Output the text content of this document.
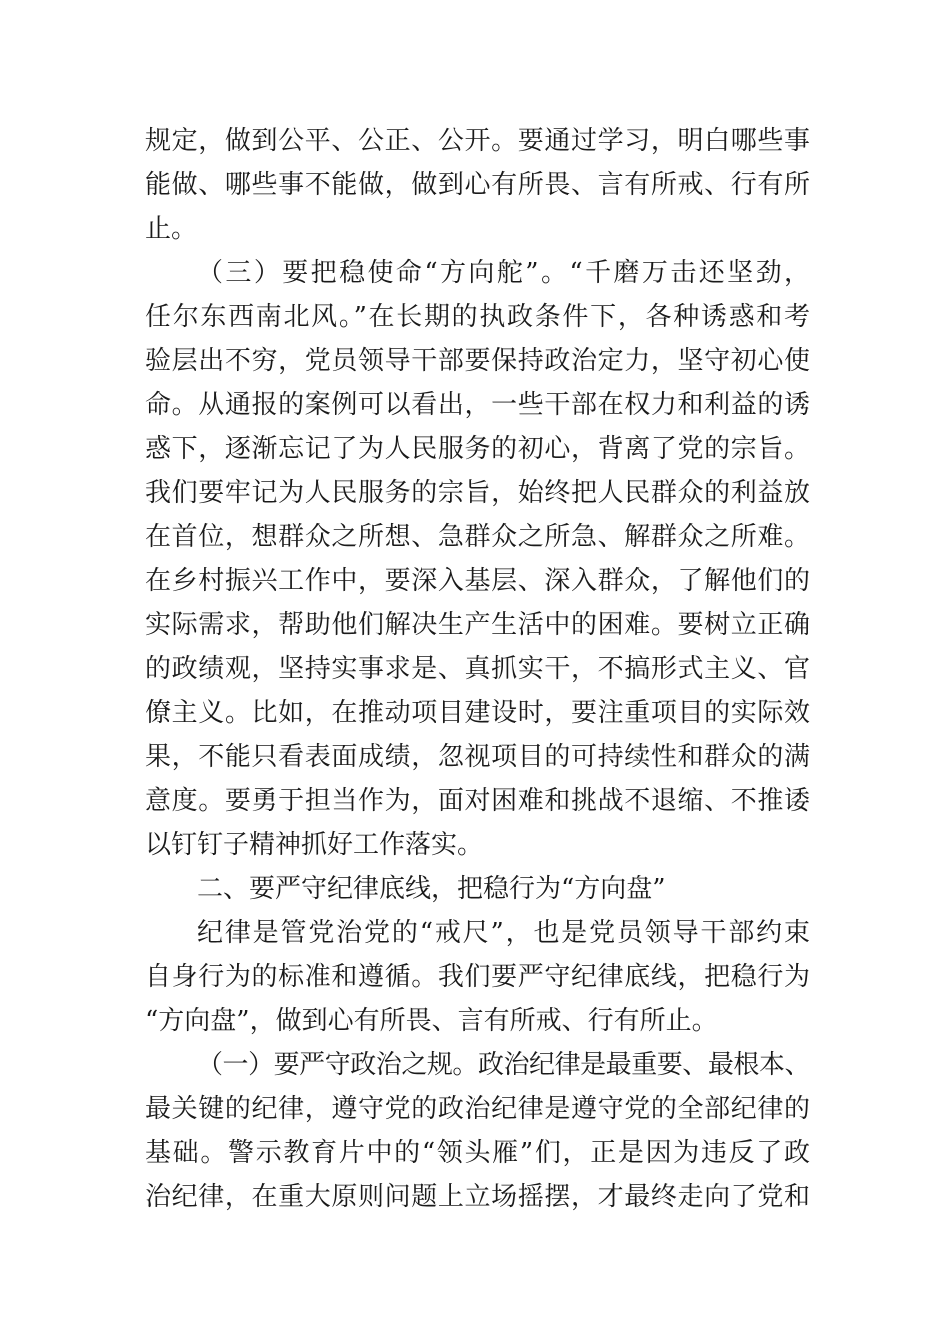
规定，做到公平、公正、公开。要通过学习，明白哪些事
能做、哪些事不能做，做到心有所畏、言有所戒、行有所
止。
（三）要把稳使命“方向舵”。“千磨万击还坚劲，
任尔东西南北风。”在长期的执政条件下，各种诱惑和考
验层出不穷，党员领导干部要保持政治定力，坚守初心使
命。从通报的案例可以看出，一些干部在权力和利益的诱
惑下，逐渐忘记了为人民服务的初心，背离了党的宗旨。
我们要牢记为人民服务的宗旨，始终把人民群众的利益放
在首位，想群众之所想、急群众之所急、解群众之所难。
在乡村振兴工作中，要深入基层、深入群众，了解他们的
实际需求，帮助他们解决生产生活中的困难。要树立正确
的政绩观，坚持实事求是、真抓实干，不搞形式主义、官
僚主义。比如，在推动项目建设时，要注重项目的实际效
果，不能只看表面成绩，忽视项目的可持续性和群众的满
意度。要勇于担当作为，面对困难和挑战不退缩、不推诿
以钉钉子精神抓好工作落实。
二、要严守纪律底线，把稳行为“方向盘”
纪律是管党治党的“戒尺”，也是党员领导干部约束
自身行为的标准和遵循。我们要严守纪律底线，把稳行为
“方向盘”，做到心有所畏、言有所戒、行有所止。
（一）要严守政治之规。政治纪律是最重要、最根本、
最关键的纪律，遵守党的政治纪律是遵守党的全部纪律的
基础。警示教育片中的“领头雁”们，正是因为违反了政
治纪律，在重大原则问题上立场摇摆，才最终走向了党和
